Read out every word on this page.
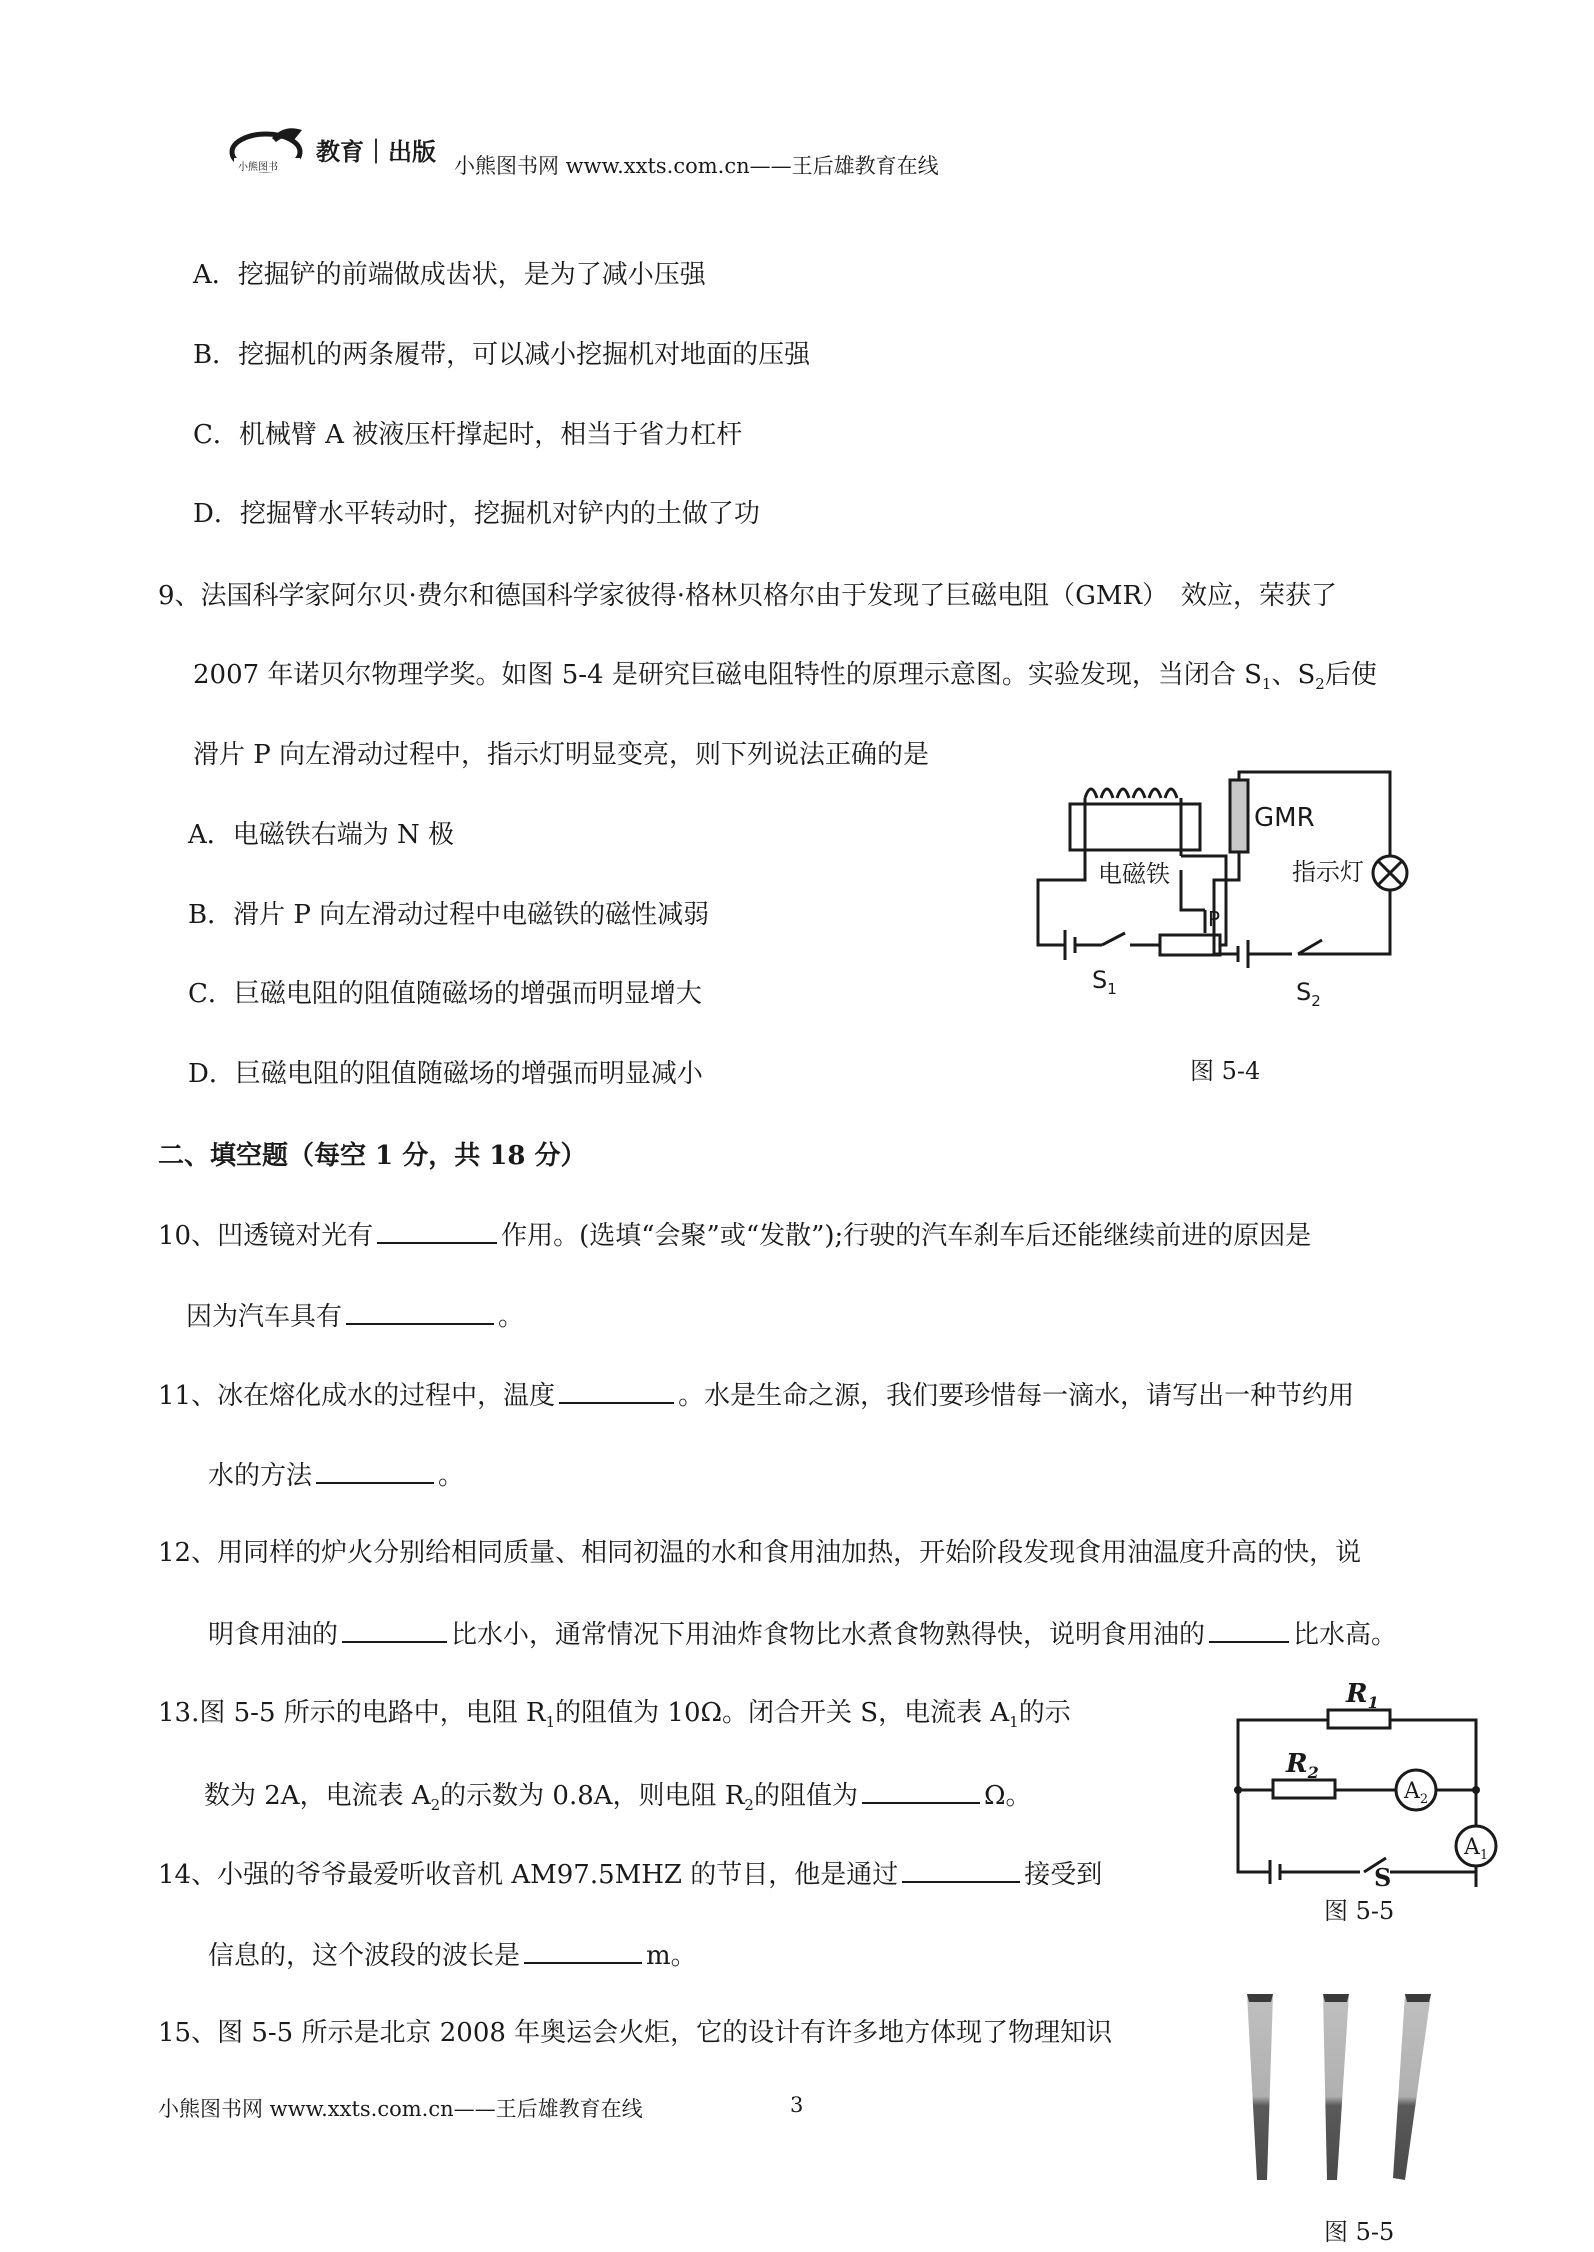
小熊图书
教育｜出版 小熊图书网 www.xxts.com.cn——王后雄教育在线
A．挖掘铲的前端做成齿状，是为了减小压强
B．挖掘机的两条履带，可以减小挖掘机对地面的压强
C．机械臂 A 被液压杆撑起时，相当于省力杠杆
D．挖掘臂水平转动时，挖掘机对铲内的土做了功
9、法国科学家阿尔贝·费尔和德国科学家彼得·格林贝格尔由于发现了巨磁电阻（GMR）　效应，荣获了
2007 年诺贝尔物理学奖。如图 5-4 是研究巨磁电阻特性的原理示意图。实验发现，当闭合 $S_1$、$S_2$后使
滑片 P 向左滑动过程中，指示灯明显变亮，则下列说法正确的是
A．电磁铁右端为 N 极
B．滑片 P 向左滑动过程中电磁铁的磁性减弱
C．巨磁电阻的阻值随磁场的增强而明显增大
D．巨磁电阻的阻值随磁场的增强而明显减小
电磁铁
GMR
指示灯
P
$S_1$	$S_2$
图 5-4
二、填空题（每空 1 分，共 18 分）
10、凹透镜对光有	作用。(选填“会聚”或“发散”);行驶的汽车刹车后还能继续前进的原因是
因为汽车具有	。
11、冰在熔化成水的过程中，温度	。水是生命之源，我们要珍惜每一滴水，请写出一种节约用
水的方法	。
12、用同样的炉火分别给相同质量、相同初温的水和食用油加热，开始阶段发现食用油温度升高的快，说
明食用油的	比水小，通常情况下用油炸食物比水煮食物熟得快，说明食用油的	比水高。
13.图 5-5 所示的电路中，电阻 $R_1$的阻值为 10Ω。闭合开关 S，电流表 $A_1$的示
数为 2A，电流表 $A_2$的示数为 0.8A，则电阻 $R_2$的阻值为	Ω。
$R_1$
$R_2$
$A_2$
$A_1$
S
图 5-5
14、小强的爷爷最爱听收音机 AM97.5MHZ 的节目，他是通过	接受到
信息的，这个波段的波长是	m。
15、图 5-5 所示是北京 2008 年奥运会火炬，它的设计有许多地方体现了物理知识
图 5-5
小熊图书网 www.xxts.com.cn——王后雄教育在线	3
